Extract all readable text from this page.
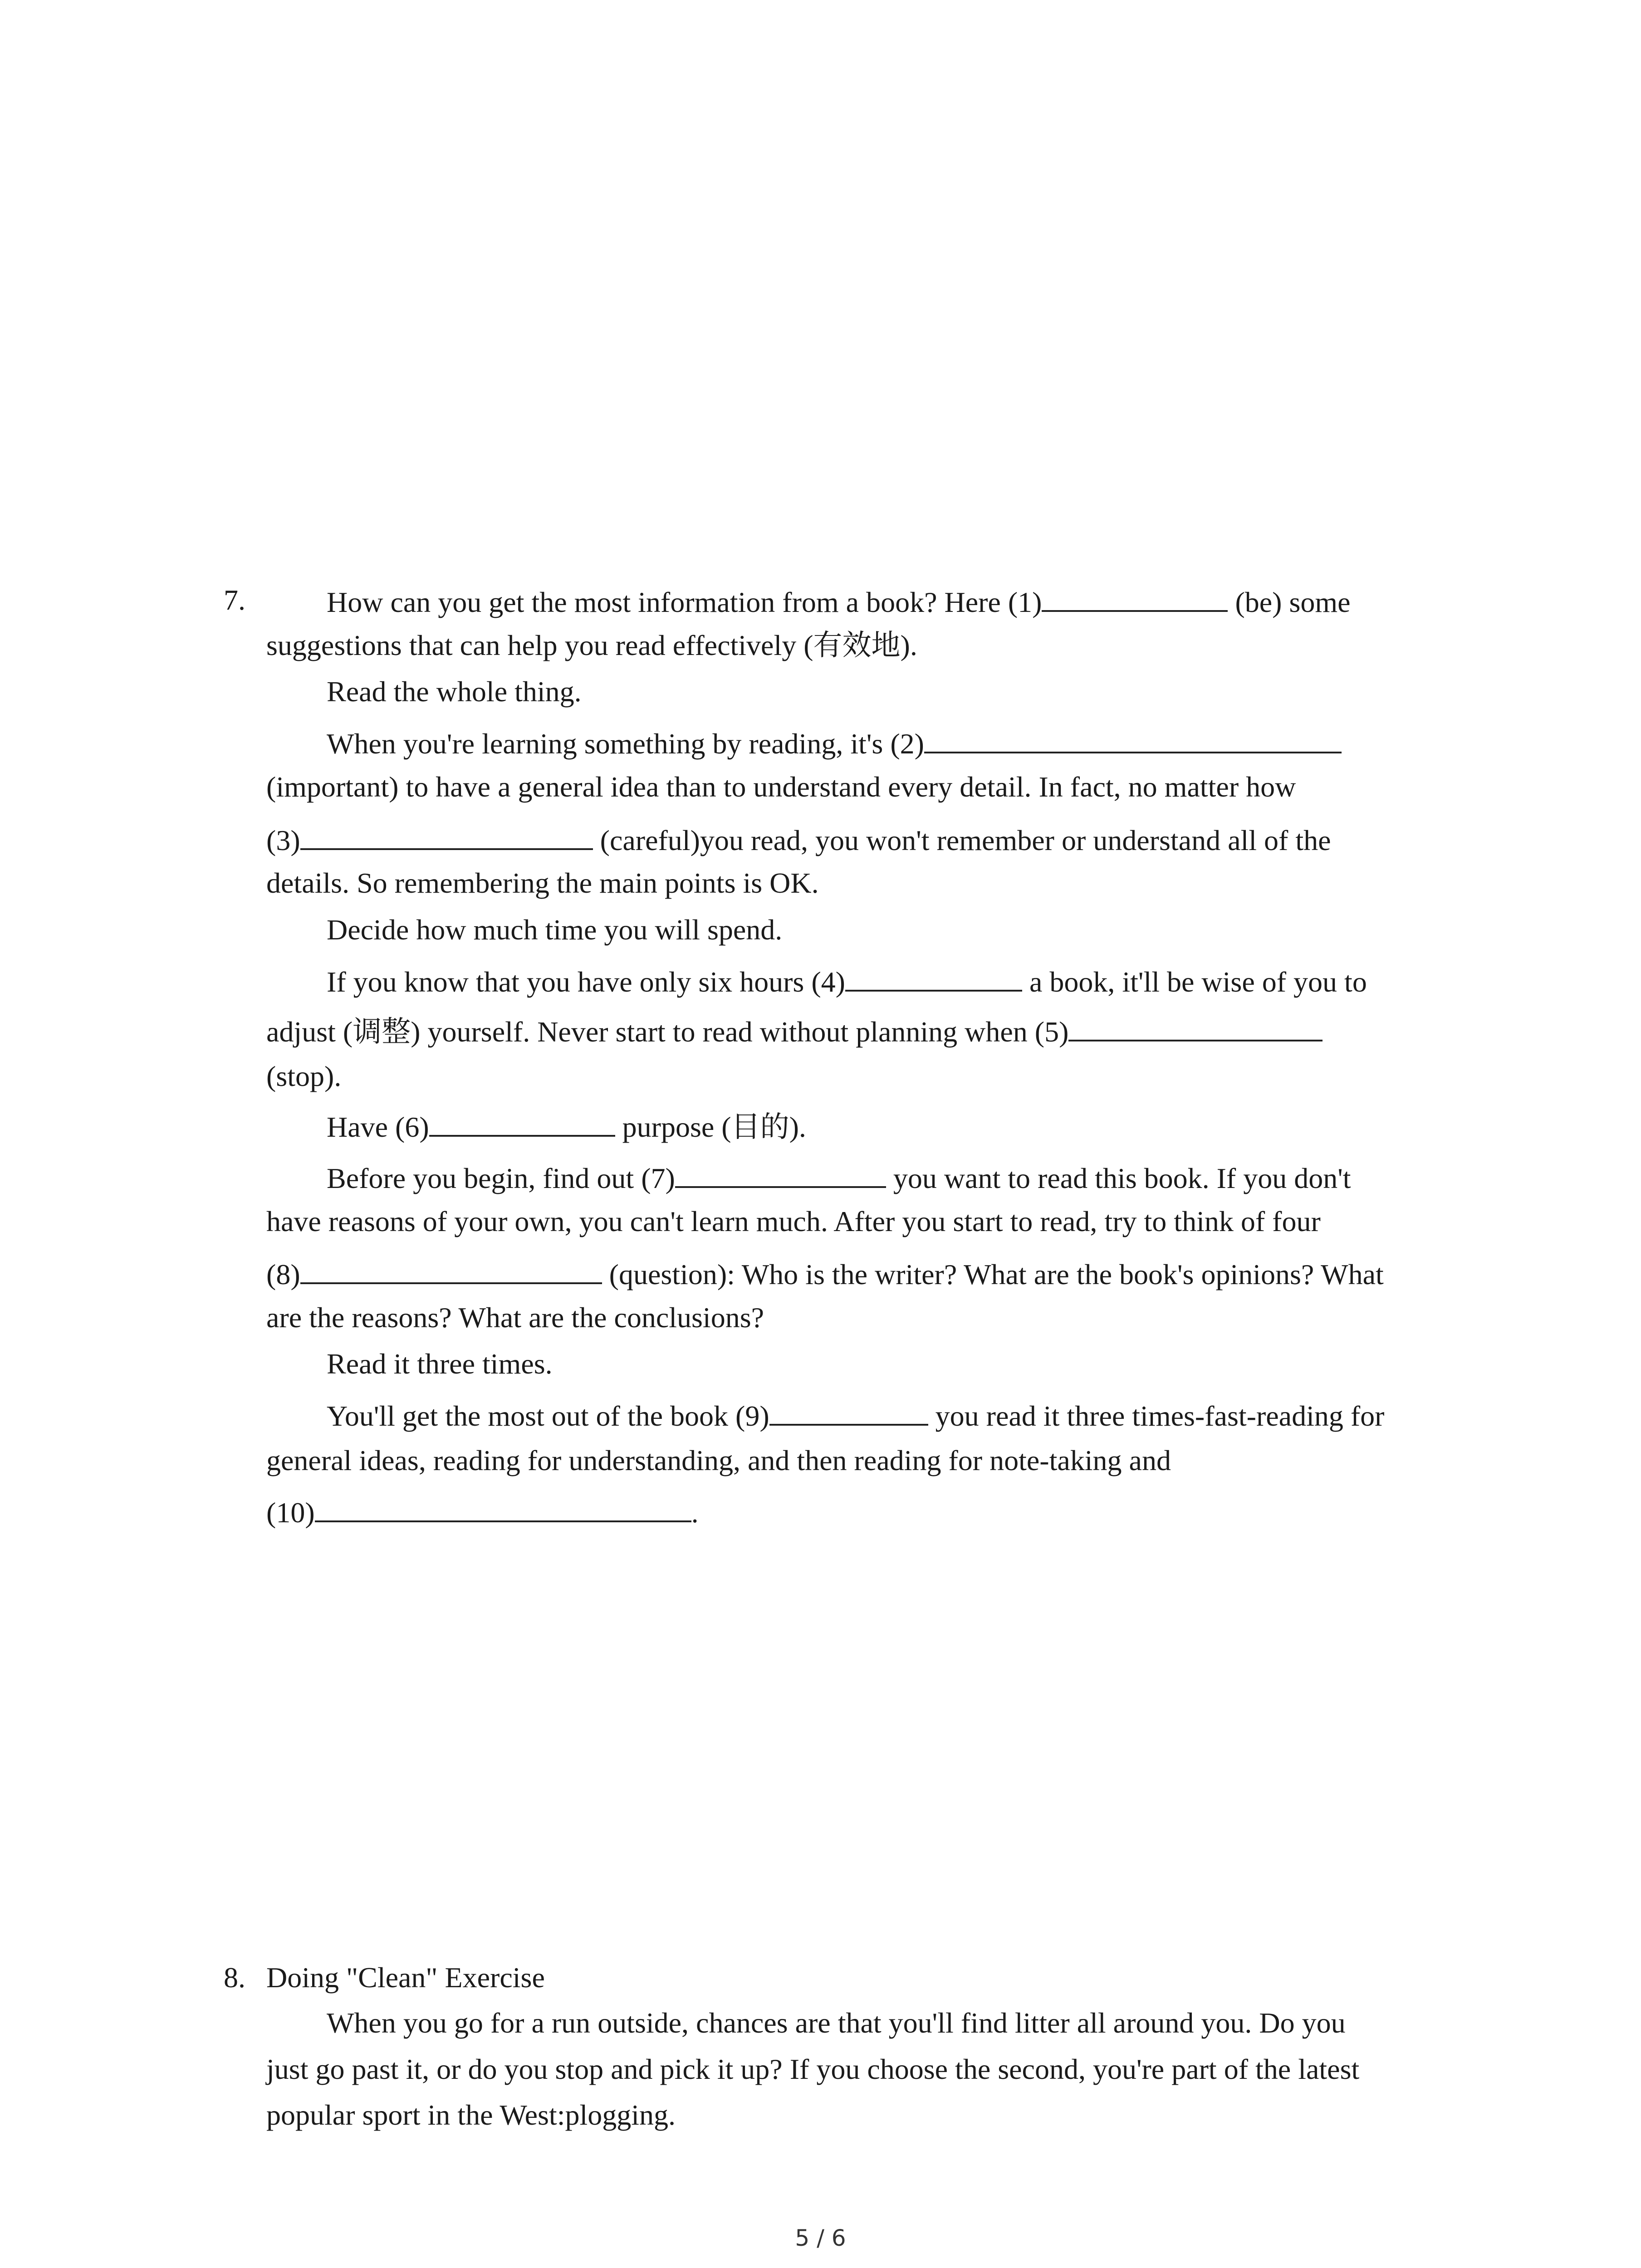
7.	How can you get the most information from a book? Here (1)	(be) some
suggestions that can help you read effectively (有效地).
Read the whole thing.
When you're learning something by reading, it's (2)
(important) to have a general idea than to understand every detail. In fact, no matter how
(3)	(careful)you read, you won't remember or understand all of the
details. So remembering the main points is OK.
Decide how much time you will spend.
If you know that you have only six hours (4)	a book, it'll be wise of you to
adjust (调整) yourself. Never start to read without planning when (5)
(stop).
Have (6)	purpose (目的).
Before you begin, find out (7)	you want to read this book. If you don't
have reasons of your own, you can't learn much. After you start to read, try to think of four
(8)	(question): Who is the writer? What are the book's opinions? What
are the reasons? What are the conclusions?
Read it three times.
You'll get the most out of the book (9)	you read it three times-fast-reading for
general ideas, reading for understanding, and then reading for note-taking and
(10)	.
8. Doing "Clean" Exercise
When you go for a run outside, chances are that you'll find litter all around you. Do you
just go past it, or do you stop and pick it up? If you choose the second, you're part of the latest
popular sport in the West:plogging.
5 / 6
